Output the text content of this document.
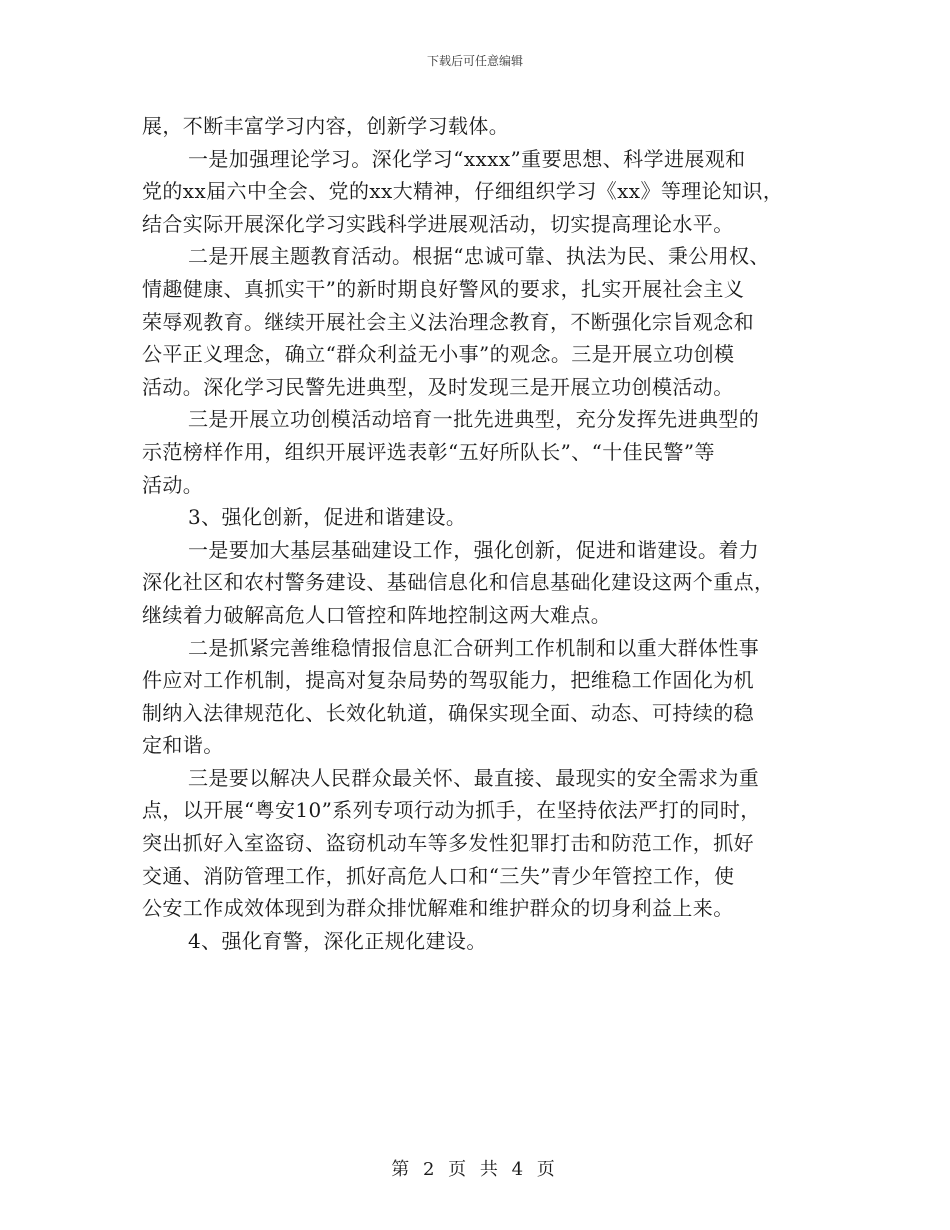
下载后可任意编辑
展，不断丰富学习内容，创新学习载体。
一是加强理论学习。深化学习“xxxx”重要思想、科学进展观和
党的xx届六中全会、党的xx大精神，仔细组织学习《xx》等理论知识，
结合实际开展深化学习实践科学进展观活动，切实提高理论水平。
二是开展主题教育活动。根据“忠诚可靠、执法为民、秉公用权、
情趣健康、真抓实干”的新时期良好警风的要求，扎实开展社会主义
荣辱观教育。继续开展社会主义法治理念教育，不断强化宗旨观念和
公平正义理念，确立“群众利益无小事”的观念。三是开展立功创模
活动。深化学习民警先进典型，及时发现三是开展立功创模活动。
三是开展立功创模活动培育一批先进典型，充分发挥先进典型的
示范榜样作用，组织开展评选表彰“五好所队长”、“十佳民警”等
活动。
3、强化创新，促进和谐建设。
一是要加大基层基础建设工作，强化创新，促进和谐建设。着力
深化社区和农村警务建设、基础信息化和信息基础化建设这两个重点，
继续着力破解高危人口管控和阵地控制这两大难点。
二是抓紧完善维稳情报信息汇合研判工作机制和以重大群体性事
件应对工作机制，提高对复杂局势的驾驭能力，把维稳工作固化为机
制纳入法律规范化、长效化轨道，确保实现全面、动态、可持续的稳
定和谐。
三是要以解决人民群众最关怀、最直接、最现实的安全需求为重
点，以开展“粤安10”系列专项行动为抓手，在坚持依法严打的同时，
突出抓好入室盗窃、盗窃机动车等多发性犯罪打击和防范工作，抓好
交通、消防管理工作，抓好高危人口和“三失”青少年管控工作，使
公安工作成效体现到为群众排忧解难和维护群众的切身利益上来。
4、强化育警，深化正规化建设。
第 2 页 共 4 页
